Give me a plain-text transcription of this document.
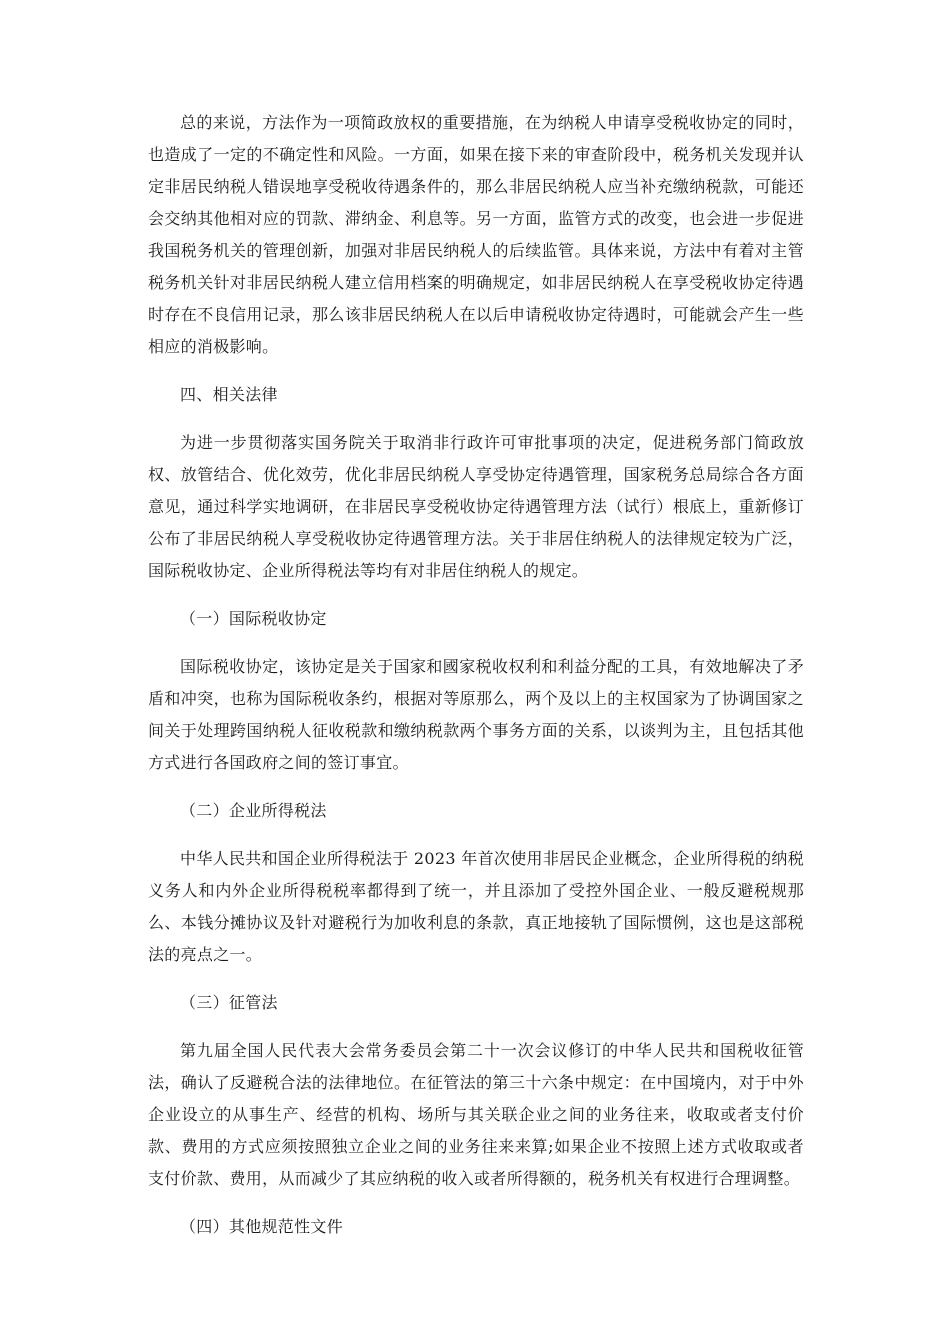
总的来说，方法作为一项简政放权的重要措施，在为纳税人申请享受税收协定的同时，也造成了一定的不确定性和风险。一方面，如果在接下来的审查阶段中，税务机关发现并认定非居民纳税人错误地享受税收待遇条件的，那么非居民纳税人应当补充缴纳税款，可能还会交纳其他相对应的罚款、滞纳金、利息等。另一方面，监管方式的改变，也会进一步促进我国税务机关的管理创新，加强对非居民纳税人的后续监管。具体来说，方法中有着对主管税务机关针对非居民纳税人建立信用档案的明确规定，如非居民纳税人在享受税收协定待遇时存在不良信用记录，那么该非居民纳税人在以后申请税收协定待遇时，可能就会产生一些相应的消极影响。

四、相关法律

为进一步贯彻落实国务院关于取消非行政许可审批事项的决定，促进税务部门简政放权、放管结合、优化效劳，优化非居民纳税人享受协定待遇管理，国家税务总局综合各方面意见，通过科学实地调研，在非居民享受税收协定待遇管理方法（试行）根底上，重新修订公布了非居民纳税人享受税收协定待遇管理方法。关于非居住纳税人的法律规定较为广泛，国际税收协定、企业所得税法等均有对非居住纳税人的规定。

（一）国际税收协定

国际税收协定，该协定是关于国家和國家税收权利和利益分配的工具，有效地解决了矛盾和冲突，也称为国际税收条约，根据对等原那么，两个及以上的主权国家为了协调国家之间关于处理跨国纳税人征收税款和缴纳税款两个事务方面的关系，以谈判为主，且包括其他方式进行各国政府之间的签订事宜。

（二）企业所得税法

中华人民共和国企业所得税法于 2023 年首次使用非居民企业概念，企业所得税的纳税义务人和内外企业所得税税率都得到了统一，并且添加了受控外国企业、一般反避税规那么、本钱分摊协议及针对避税行为加收利息的条款，真正地接轨了国际惯例，这也是这部税法的亮点之一。

（三）征管法

第九届全国人民代表大会常务委员会第二十一次会议修订的中华人民共和国税收征管法，确认了反避税合法的法律地位。在征管法的第三十六条中规定：在中国境内，对于中外企业设立的从事生产、经营的机构、场所与其关联企业之间的业务往来，收取或者支付价款、费用的方式应须按照独立企业之间的业务往来来算;如果企业不按照上述方式收取或者支付价款、费用，从而减少了其应纳税的收入或者所得额的，税务机关有权进行合理调整。

（四）其他规范性文件
